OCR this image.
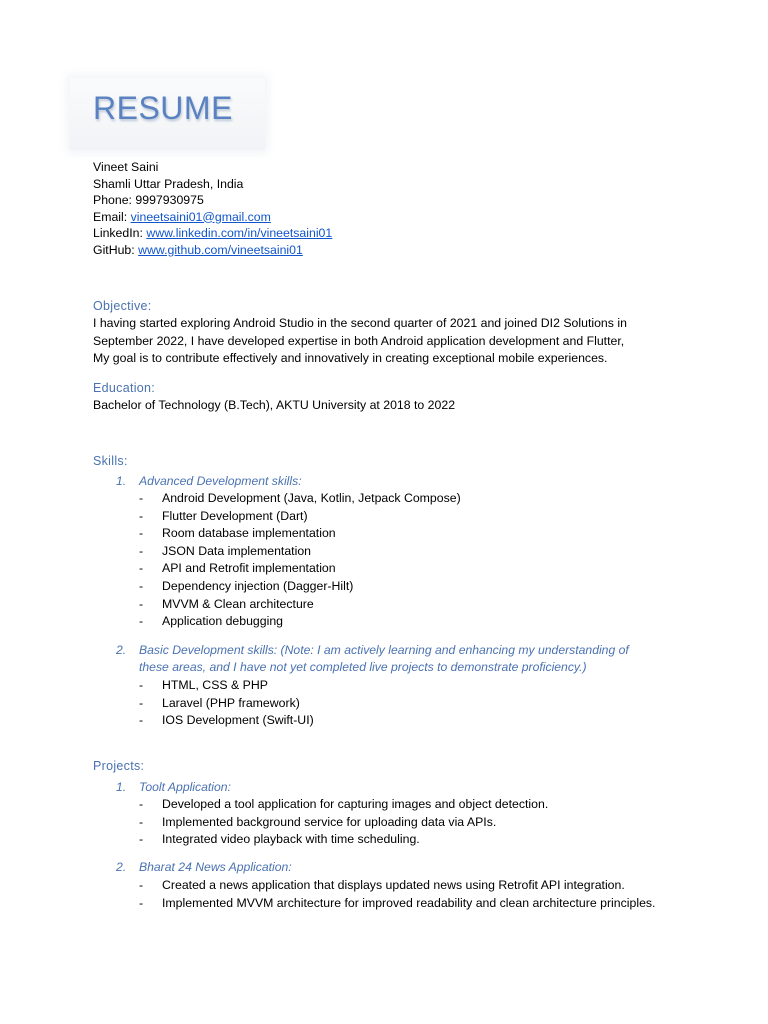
RESUME
Vineet Saini
Shamli Uttar Pradesh, India
Phone: 9997930975
Email: vineetsaini01@gmail.com
LinkedIn: www.linkedin.com/in/vineetsaini01
GitHub: www.github.com/vineetsaini01
Objective:
I having started exploring Android Studio in the second quarter of 2021 and joined DI2 Solutions in
September 2022, I have developed expertise in both Android application development and Flutter,
My goal is to contribute effectively and innovatively in creating exceptional mobile experiences.
Education:
Bachelor of Technology (B.Tech), AKTU University at 2018 to 2022
Skills:
1. Advanced Development skills:
- Android Development (Java, Kotlin, Jetpack Compose)
- Flutter Development (Dart)
- Room database implementation
- JSON Data implementation
- API and Retrofit implementation
- Dependency injection (Dagger-Hilt)
- MVVM & Clean architecture
- Application debugging
2. Basic Development skills: (Note: I am actively learning and enhancing my understanding of
these areas, and I have not yet completed live projects to demonstrate proficiency.)
- HTML, CSS & PHP
- Laravel (PHP framework)
- IOS Development (Swift-UI)
Projects:
1. Toolt Application:
- Developed a tool application for capturing images and object detection.
- Implemented background service for uploading data via APIs.
- Integrated video playback with time scheduling.
2. Bharat 24 News Application:
- Created a news application that displays updated news using Retrofit API integration.
- Implemented MVVM architecture for improved readability and clean architecture principles.
